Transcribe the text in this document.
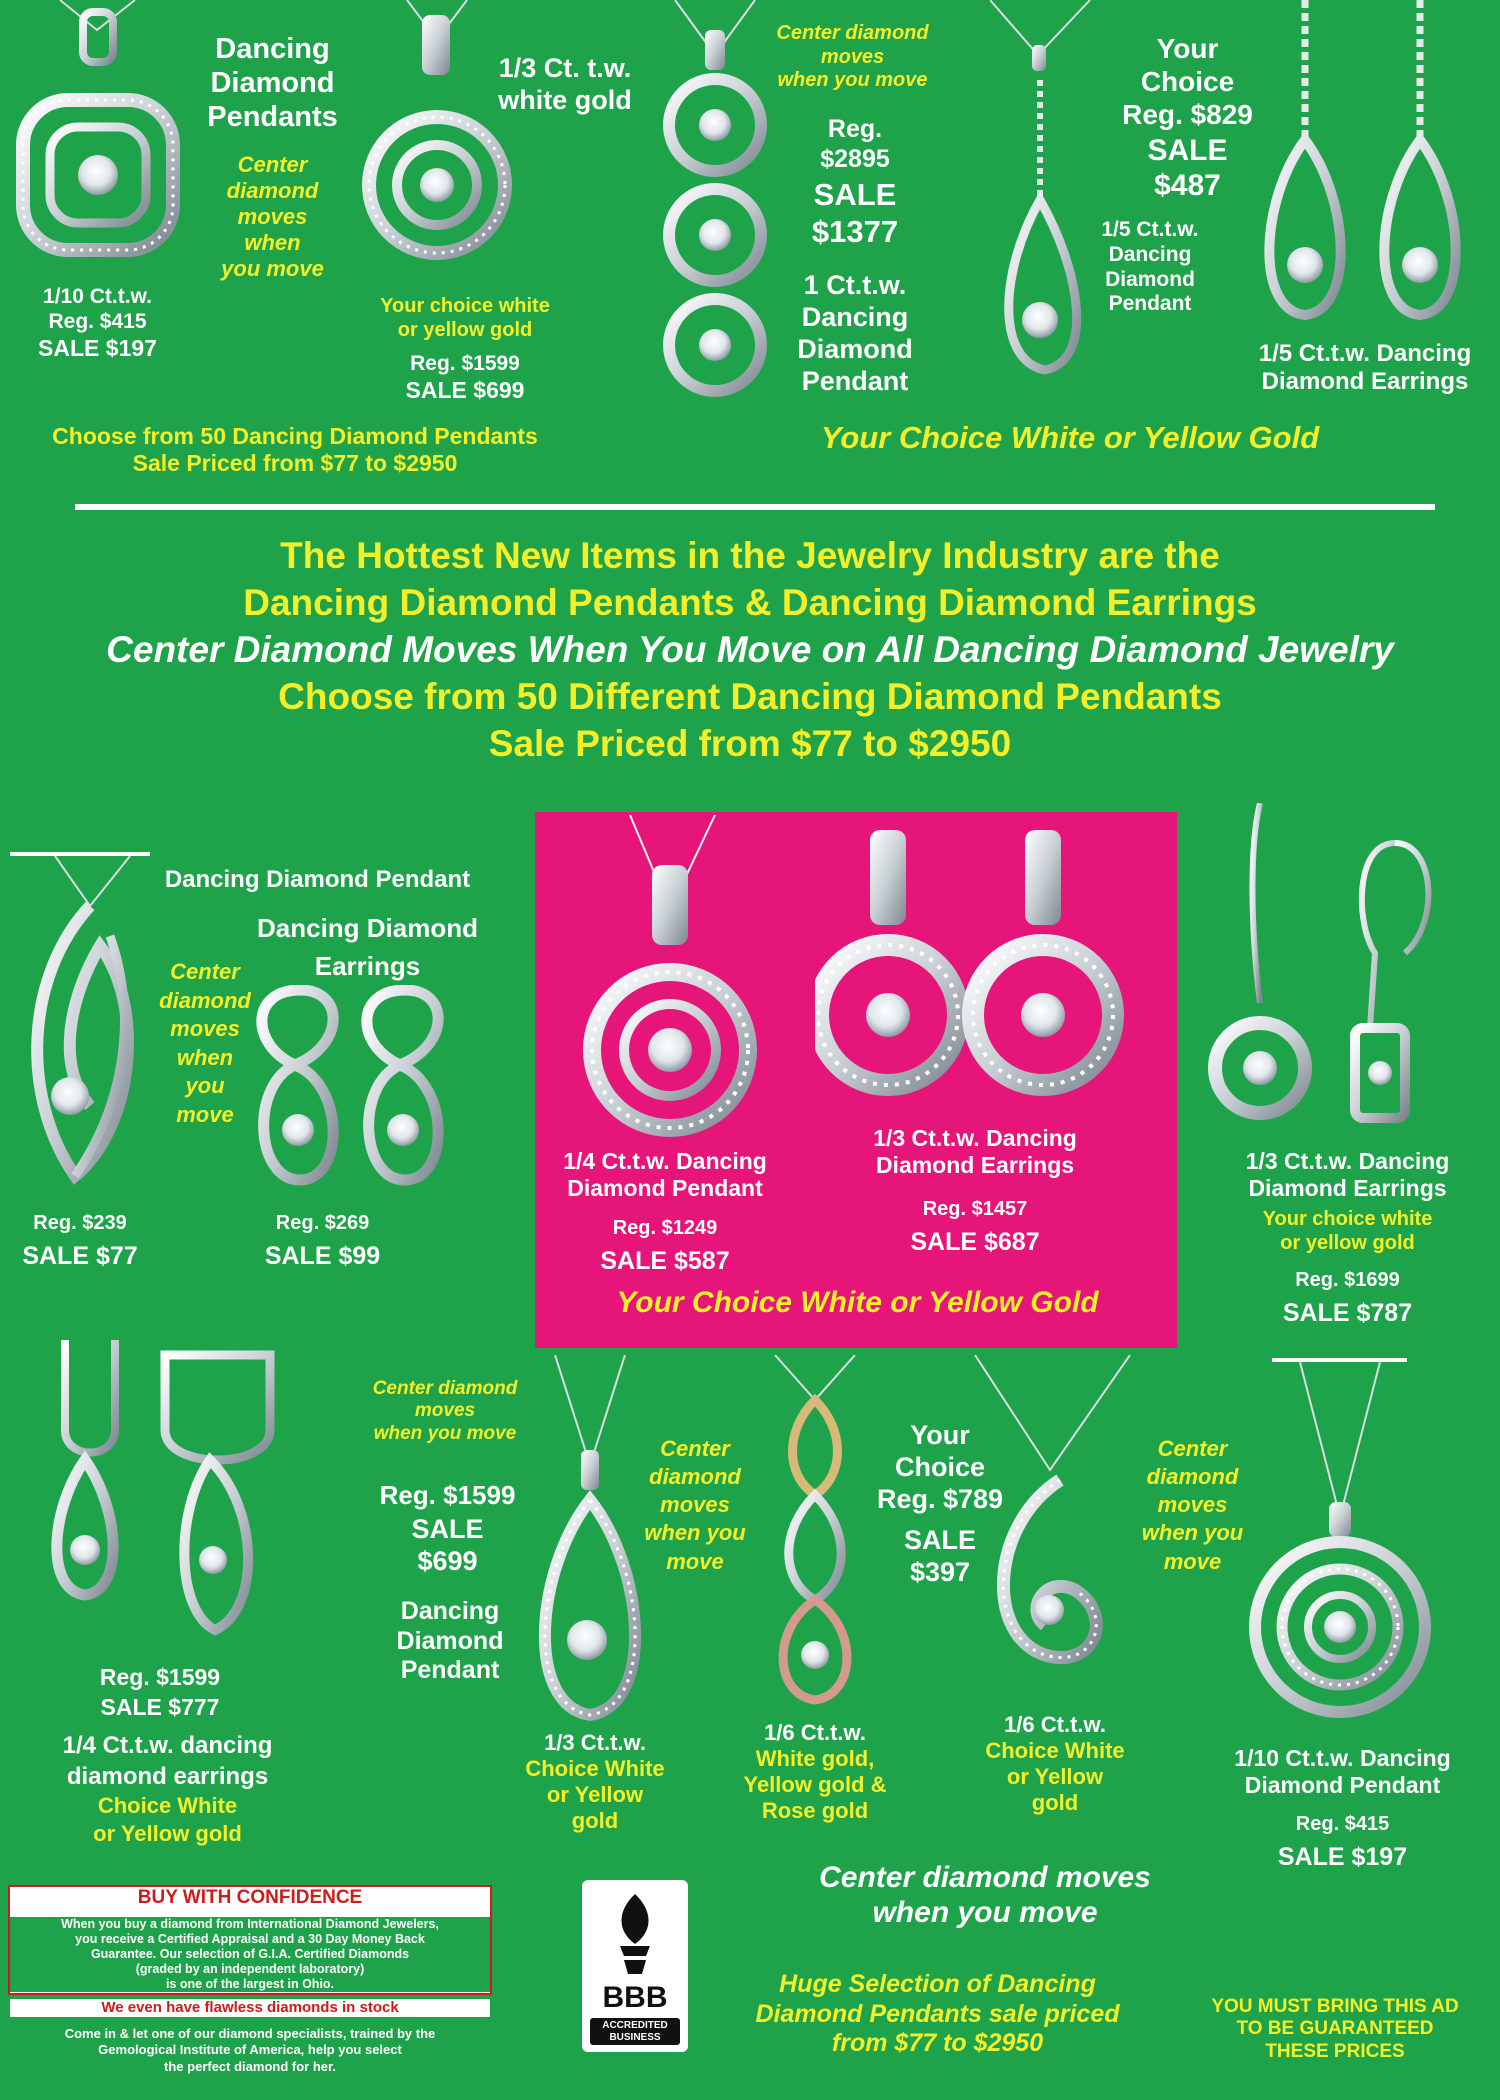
Dancing
Diamond
Pendants
Center
diamond
moves
when
you move
1/10 Ct.t.w.
Reg. $415
SALE $197
1/3 Ct. t.w.
white gold
Your choice white
or yellow gold
Reg. $1599
SALE $699
Center diamond
moves
when you move
Reg.
$2895
SALE
$1377
1 Ct.t.w.
Dancing
Diamond
Pendant
Your
Choice
Reg. $829
SALE
$487
1/5 Ct.t.w.
Dancing
Diamond
Pendant
1/5 Ct.t.w. Dancing
Diamond Earrings
Choose from 50 Dancing Diamond Pendants
Sale Priced from $77 to $2950
Your Choice White or Yellow Gold
The Hottest New Items in the Jewelry Industry are the
Dancing Diamond Pendants & Dancing Diamond Earrings
Center Diamond Moves When You Move on All Dancing Diamond Jewelry
Choose from 50 Different Dancing Diamond Pendants
Sale Priced from $77 to $2950
Dancing Diamond Pendant
Dancing Diamond
Earrings
Center
diamond
moves
when
you
move
Reg. $239
SALE $77
Reg. $269
SALE $99
1/4 Ct.t.w. Dancing
Diamond Pendant
Reg. $1249
SALE $587
1/3 Ct.t.w. Dancing
Diamond Earrings
Reg. $1457
SALE $687
Your Choice White or Yellow Gold
1/3 Ct.t.w. Dancing
Diamond Earrings
Your choice white
or yellow gold
Reg. $1699
SALE $787
Reg. $1599
SALE $777
1/4 Ct.t.w. dancing
diamond earrings
Choice White
or Yellow gold
Center diamond
moves
when you move
Reg. $1599
SALE
$699
Dancing
Diamond
Pendant
Center
diamond
moves
when you
move
1/3 Ct.t.w.
Choice White
or Yellow
gold
1/6 Ct.t.w.
White gold,
Yellow gold &
Rose gold
Your
Choice
Reg. $789
SALE
$397
1/6 Ct.t.w.
Choice White
or Yellow
gold
Center
diamond
moves
when you
move
1/10 Ct.t.w. Dancing
Diamond Pendant
Reg. $415
SALE $197
Center diamond moves
when you move
Huge Selection of Dancing
Diamond Pendants sale priced
from $77 to $2950
YOU MUST BRING THIS AD
TO BE GUARANTEED
THESE PRICES
BUY WITH CONFIDENCE
When you buy a diamond from International Diamond Jewelers,
you receive a Certified Appraisal and a 30 Day Money Back
Guarantee. Our selection of G.I.A. Certified Diamonds
(graded by an independent laboratory)
is one of the largest in Ohio.
We even have flawless diamonds in stock
Come in & let one of our diamond specialists, trained by the
Gemological Institute of America, help you select
the perfect diamond for her.
BBB
ACCREDITED
BUSINESS
